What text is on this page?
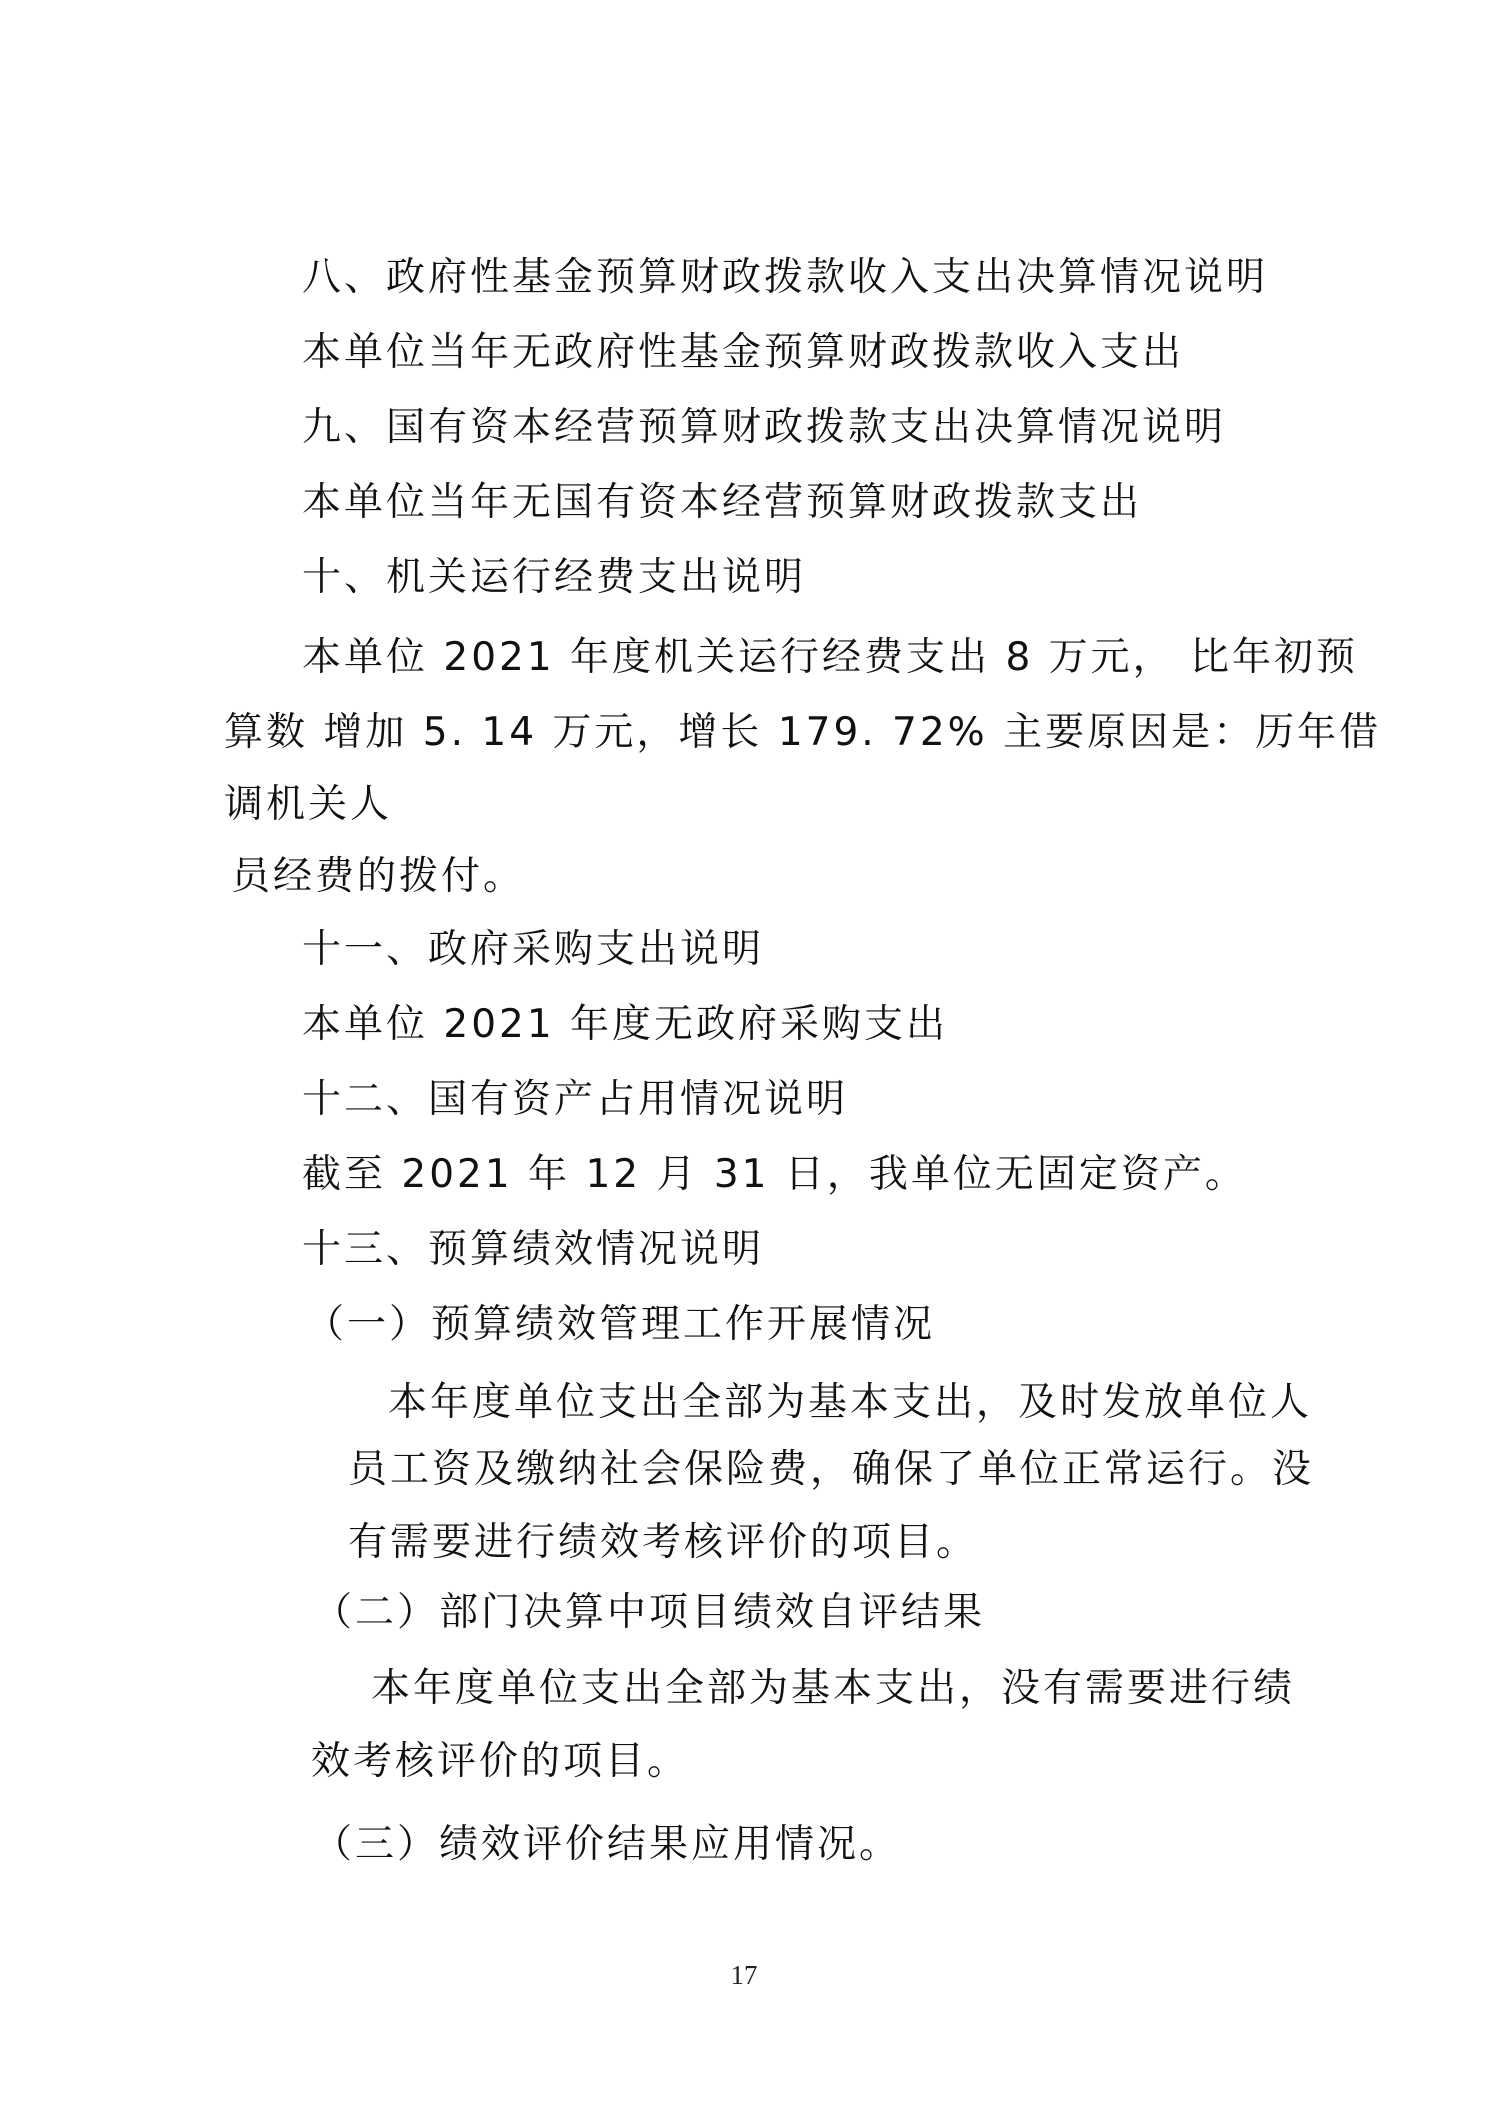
八、政府性基金预算财政拨款收入支出决算情况说明
本单位当年无政府性基金预算财政拨款收入支出
九、国有资本经营预算财政拨款支出决算情况说明
本单位当年无国有资本经营预算财政拨款支出
十、机关运行经费支出说明
本单位 2021 年度机关运行经费支出 8 万元， 比年初预
算数 增加 5. 14 万元，增长 179. 72% 主要原因是：历年借
调机关人
员经费的拨付。
十一、政府采购支出说明
本单位 2021 年度无政府采购支出
十二、国有资产占用情况说明
截至 2021 年 12 月 31 日，我单位无固定资产。
十三、预算绩效情况说明
（一）预算绩效管理工作开展情况
本年度单位支出全部为基本支出，及时发放单位人
员工资及缴纳社会保险费，确保了单位正常运行。没
有需要进行绩效考核评价的项目。
（二）部门决算中项目绩效自评结果
本年度单位支出全部为基本支出，没有需要进行绩
效考核评价的项目。
（三）绩效评价结果应用情况。
17
